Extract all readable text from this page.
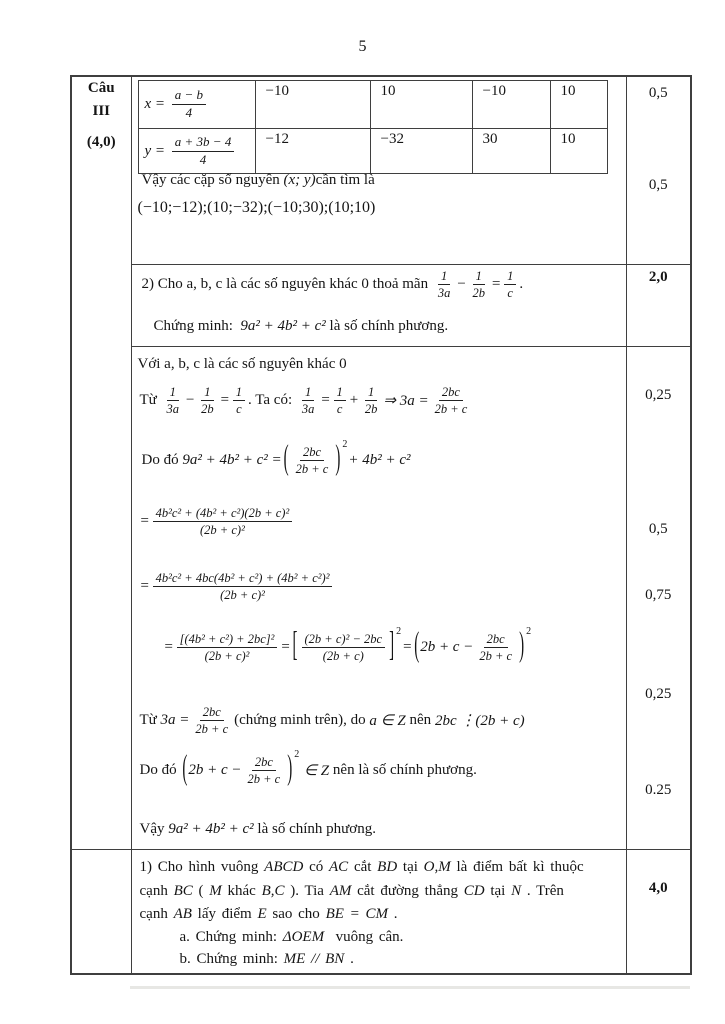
5
Câu
III
(4,0)

$x = \frac{a - b}{4}$	−10	10	−10	10

$y = \frac{a + 3b - 4}{4}$	−12	−32	30	10
Vậy các cặp số nguyên (x; y)cần tìm là
(−10;−12);(10;−32);(−10;30);(10;10)

0,5
0,5

2) Cho a, b, c là các số nguyên khác 0 thoả mãn $\frac{1}{3a} - \frac{1}{2b} = \frac{1}{c}$ .
Chứng minh:  9a² + 4b² + c² là số chính phương.

2,0

Với a, b, c là các số nguyên khác 0
Từ $\frac{1}{3a} - \frac{1}{2b} = \frac{1}{c}$ . Ta có: $\frac{1}{3a} = \frac{1}{c} + \frac{1}{2b}$ ⇒ $3a = \frac{2bc}{2b + c}$
Do đó 9a² + 4b² + c² = ( $\frac{2bc}{2b + c}$ ) 2
+ 4b² + c²
= $\frac{\text{4b²c² + (4b² + c²)(2b + c)²}}{\text{(2b + c)²}}$
= $\frac{\text{4b²c² + 4bc(4b² + c²) + (4b² + c²)²}}{\text{(2b + c)²}}$
= $\frac{\text{[(4b² + c²) + 2bc]²}}{\text{(2b + c)²}}$ = [ $\frac{\text{(2b + c)² − 2bc}}{(2b + c)}$ ] 2
= ( $2b + c - \frac{2bc}{2b + c}$ ) 2
Từ $3a = \frac{2bc}{2b + c}$ (chứng minh trên), do a ∈ Z nên 2bc ⋮(2b + c)
Do đó ( $2b + c - \frac{2bc}{2b + c}$ ) 2
∈ Z nên là số chính phương.
Vậy 9a² + 4b² + c² là số chính phương.

0,25
0,5
0,75
0,25
0.25

1) Cho hình vuông ABCD có AC cắt BD tại O,M là điểm bất kì thuộc
cạnh BC ( M khác B,C ). Tia AM cắt đường thẳng CD tại N . Trên
cạnh AB lấy điểm E sao cho BE = CM .
a. Chứng minh: ΔOEM  vuông cân.
b. Chứng minh: ME // BN .

4,0
